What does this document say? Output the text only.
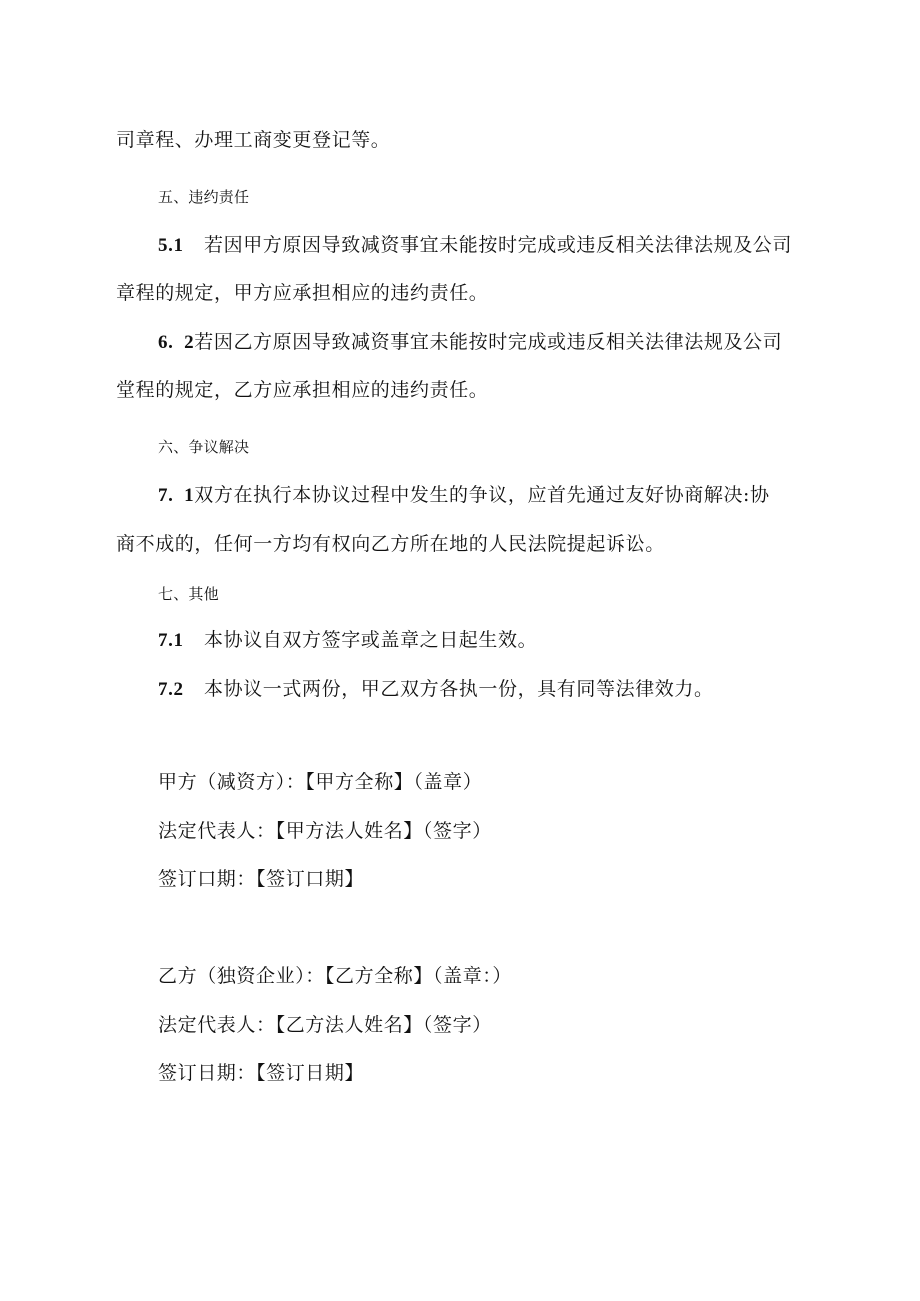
司章程、办理工商变更登记等。
五、违约责任
5.1 若因甲方原因导致减资事宜未能按时完成或违反相关法律法规及公司
章程的规定，甲方应承担相应的违约责任。
6.  2若因乙方原因导致减资事宜未能按时完成或违反相关法律法规及公司
堂程的规定，乙方应承担相应的违约责任。
六、争议解决
7.  1双方在执行本协议过程中发生的争议，应首先通过友好协商解决:协
商不成的，任何一方均有权向乙方所在地的人民法院提起诉讼。
七、其他
7.1 本协议自双方签字或盖章之日起生效。
7.2 本协议一式两份，甲乙双方各执一份，具有同等法律效力。
甲方（减资方）：【甲方全称】（盖章）
法定代表人：【甲方法人姓名】（签字）
签订口期：【签订口期】
乙方（独资企业）：【乙方全称】（盖章：）
法定代表人：【乙方法人姓名】（签字）
签订日期：【签订日期】
